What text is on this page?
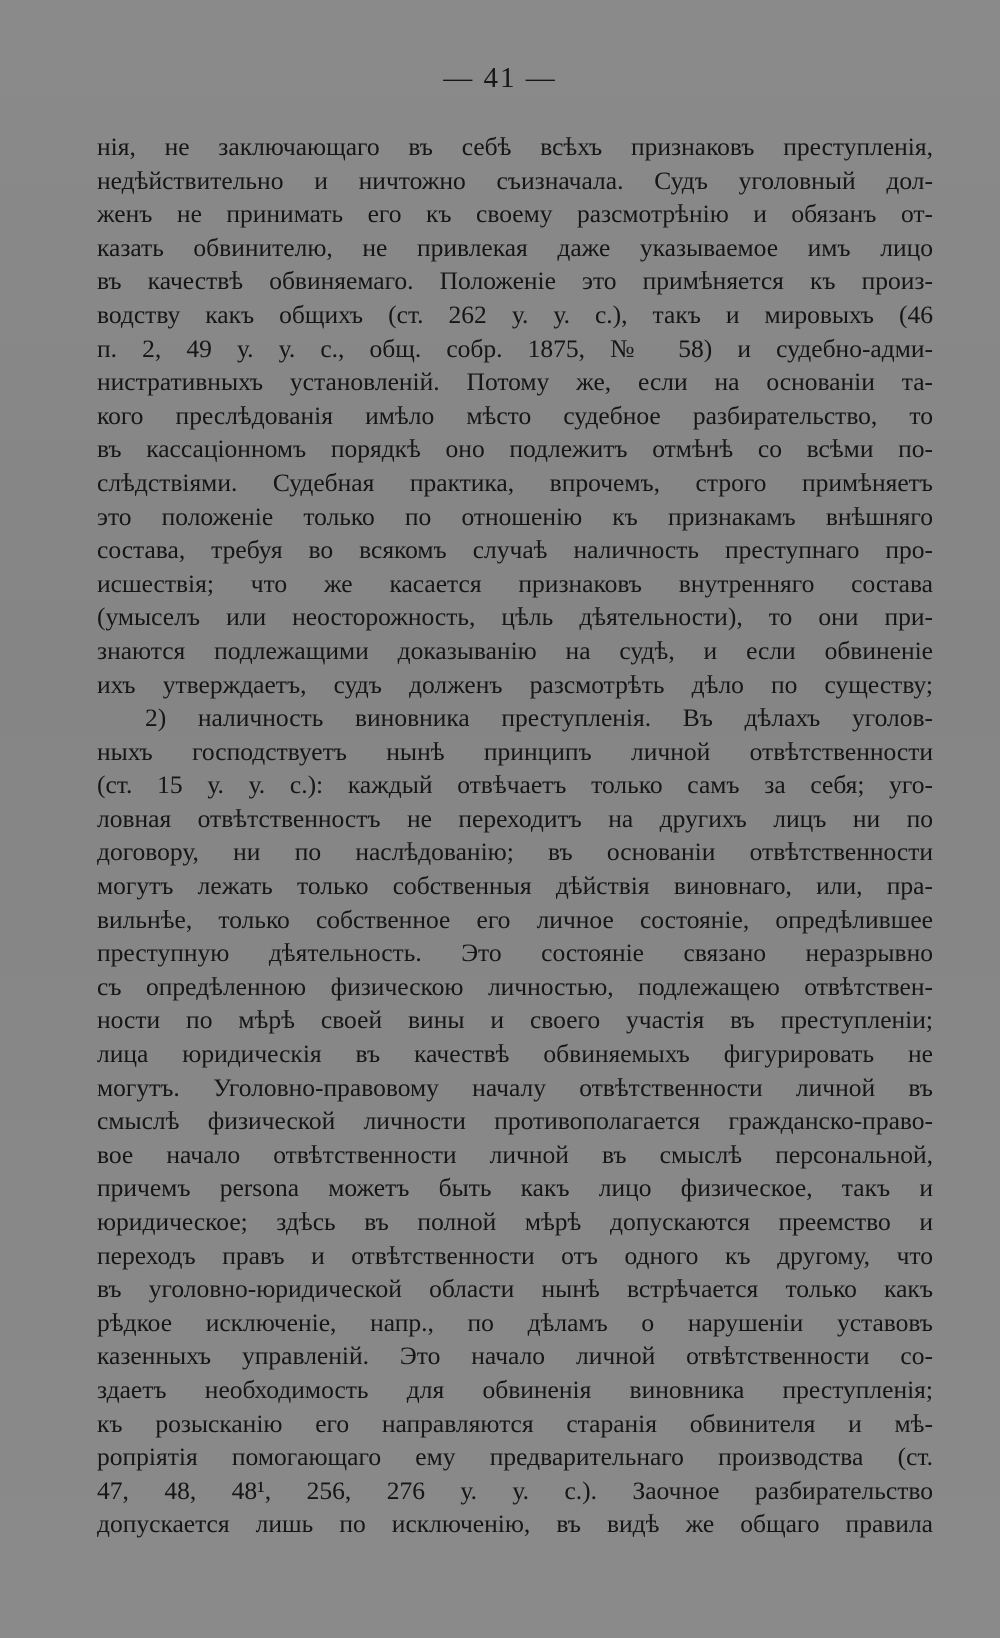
— 41 —
нія, не заключающаго въ себѣ всѣхъ признаковъ преступленія,
недѣйствительно и ничтожно съизначала. Судъ уголовный дол-
женъ не принимать его къ своему разсмотрѣнію и обязанъ от-
казать обвинителю, не привлекая даже указываемое имъ лицо
въ качествѣ обвиняемаго. Положеніе это примѣняется къ произ-
водству какъ общихъ (ст. 262 у. у. с.), такъ и мировыхъ (46
п. 2, 49 у. у. с., общ. собр. 1875, № 58) и судебно-адми-
нистративныхъ установленій. Потому же, если на основаніи та-
кого преслѣдованія имѣло мѣсто судебное разбирательство, то
въ кассаціонномъ порядкѣ оно подлежитъ отмѣнѣ со всѣми по-
слѣдствіями. Судебная практика, впрочемъ, строго примѣняетъ
это положеніе только по отношенію къ признакамъ внѣшняго
состава, требуя во всякомъ случаѣ наличность преступнаго про-
исшествія; что же касается признаковъ внутренняго состава
(умыселъ или неосторожность, цѣль дѣятельности), то они при-
знаются подлежащими доказыванію на судѣ, и если обвиненіе
ихъ утверждаетъ, судъ долженъ разсмотрѣть дѣло по существу;
2) наличность виновника преступленія. Въ дѣлахъ уголов-
ныхъ господствуетъ нынѣ принципъ личной отвѣтственности
(ст. 15 у. у. с.): каждый отвѣчаетъ только самъ за себя; уго-
ловная отвѣтственностъ не переходитъ на другихъ лицъ ни по
договору, ни по наслѣдованію; въ основаніи отвѣтственности
могутъ лежать только собственныя дѣйствія виновнаго, или, пра-
вильнѣе, только собственное его личное состояніе, опредѣлившее
преступную дѣятельность. Это состояніе связано неразрывно
съ опредѣленною физическою личностью, подлежащею отвѣтствен-
ности по мѣрѣ своей вины и своего участія въ преступленіи;
лица юридическія въ качествѣ обвиняемыхъ фигурировать не
могутъ. Уголовно-правовому началу отвѣтственности личной въ
смыслѣ физической личности противополагается гражданско-право-
вое начало отвѣтственности личной въ смыслѣ персональной,
причемъ persona можетъ быть какъ лицо физическое, такъ и
юридическое; здѣсь въ полной мѣрѣ допускаются преемство и
переходъ правъ и отвѣтственности отъ одного къ другому, что
въ уголовно-юридической области нынѣ встрѣчается только какъ
рѣдкое исключеніе, напр., по дѣламъ о нарушеніи уставовъ
казенныхъ управленій. Это начало личной отвѣтственности со-
здаетъ необходимость для обвиненія виновника преступленія;
къ розысканію его направляются старанія обвинителя и мѣ-
ропріятія помогающаго ему предварительнаго производства (ст.
47, 48, 48¹, 256, 276 у. у. с.). Заочное разбирательство
допускается лишь по исключенію, въ видѣ же общаго правила
